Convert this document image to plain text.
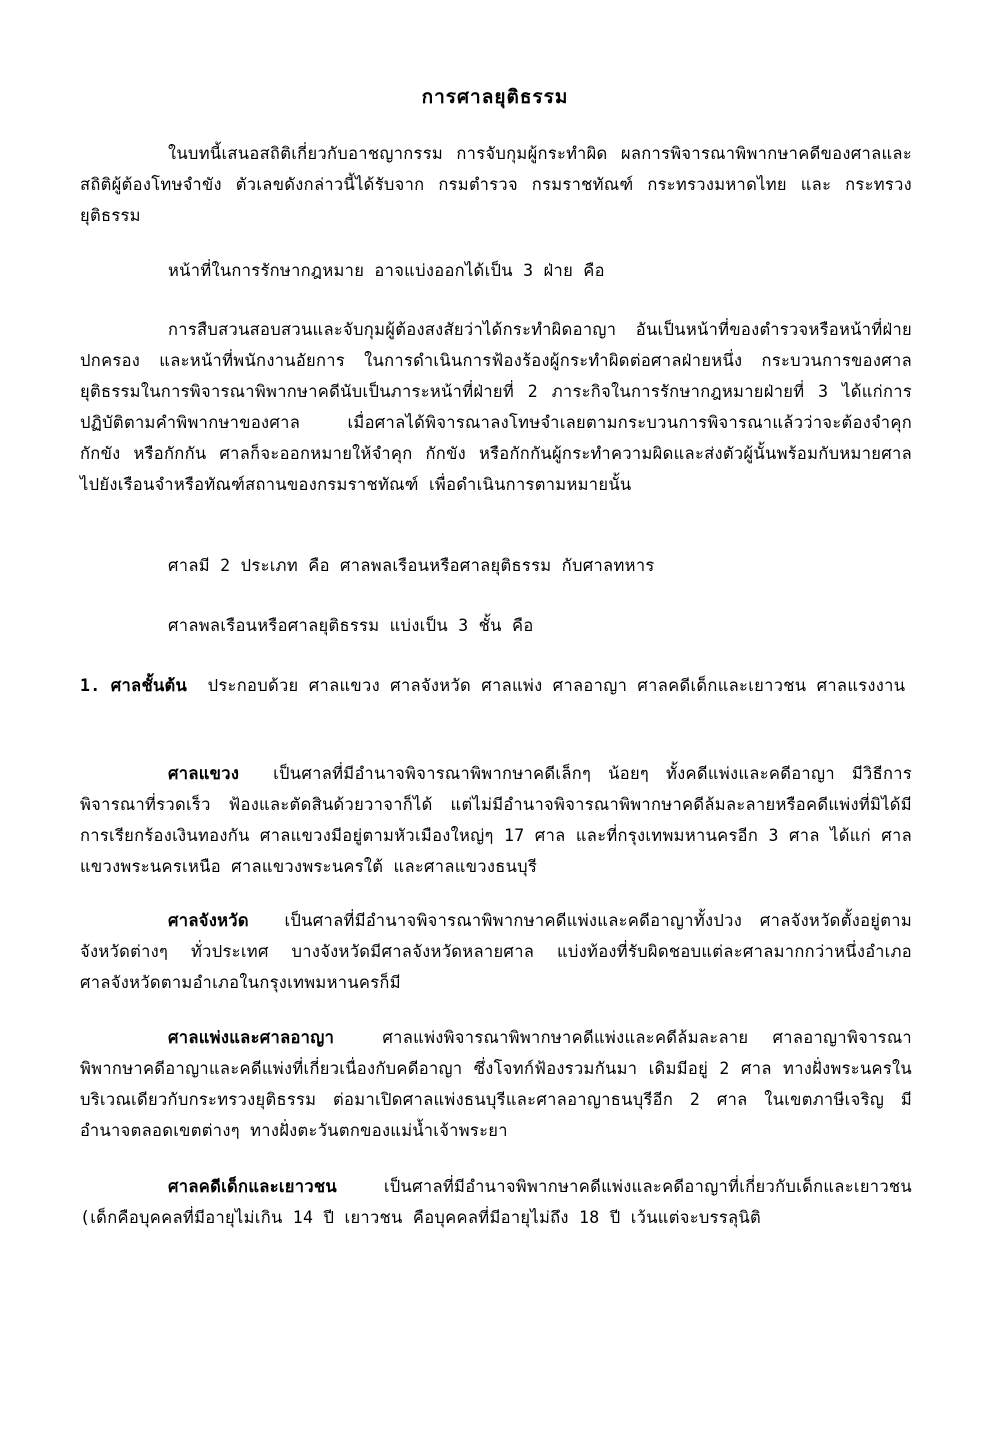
การศาลยุติธรรม
ในบทนี้เสนอสถิติเกี่ยวกับอาชญากรรม การจับกุมผู้กระทำผิด ผลการพิจารณาพิพากษาคดีของศาลและสถิติผู้ต้องโทษจำขัง ตัวเลขดังกล่าวนี้ได้รับจาก กรมตำรวจ กรมราชทัณฑ์ กระทรวงมหาดไทย และ กระทรวงยุติธรรม
หน้าที่ในการรักษากฎหมาย อาจแบ่งออกได้เป็น 3 ฝ่าย คือ
การสืบสวนสอบสวนและจับกุมผู้ต้องสงสัยว่าได้กระทำผิดอาญา อันเป็นหน้าที่ของตำรวจหรือหน้าที่ฝ่ายปกครอง และหน้าที่พนักงานอัยการ ในการดำเนินการฟ้องร้องผู้กระทำผิดต่อศาลฝ่ายหนึ่ง กระบวนการของศาลยุติธรรมในการพิจารณาพิพากษาคดีนับเป็นภาระหน้าที่ฝ่ายที่ 2 ภาระกิจในการรักษากฎหมายฝ่ายที่ 3 ได้แก่การปฏิบัติตามคำพิพากษาของศาล เมื่อศาลได้พิจารณาลงโทษจำเลยตามกระบวนการพิจารณาแล้วว่าจะต้องจำคุก กักขัง หรือกักกัน ศาลก็จะออกหมายให้จำคุก กักขัง หรือกักกันผู้กระทำความผิดและส่งตัวผู้นั้นพร้อมกับหมายศาลไปยังเรือนจำหรือทัณฑ์สถานของกรมราชทัณฑ์ เพื่อดำเนินการตามหมายนั้น
ศาลมี 2 ประเภท คือ ศาลพลเรือนหรือศาลยุติธรรม กับศาลทหาร
ศาลพลเรือนหรือศาลยุติธรรม แบ่งเป็น 3 ชั้น คือ
1. ศาลชั้นต้น ประกอบด้วย ศาลแขวง ศาลจังหวัด ศาลแพ่ง ศาลอาญา ศาลคดีเด็กและเยาวชน ศาลแรงงาน
ศาลแขวง เป็นศาลที่มีอำนาจพิจารณาพิพากษาคดีเล็กๆ น้อยๆ ทั้งคดีแพ่งและคดีอาญา มีวิธีการพิจารณาที่รวดเร็ว ฟ้องและตัดสินด้วยวาจาก็ได้ แต่ไม่มีอำนาจพิจารณาพิพากษาคดีล้มละลายหรือคดีแพ่งที่มิได้มีการเรียกร้องเงินทองกัน ศาลแขวงมีอยู่ตามหัวเมืองใหญ่ๆ 17 ศาล และที่กรุงเทพมหานครอีก 3 ศาล ได้แก่ ศาลแขวงพระนครเหนือ ศาลแขวงพระนครใต้ และศาลแขวงธนบุรี
ศาลจังหวัด เป็นศาลที่มีอำนาจพิจารณาพิพากษาคดีแพ่งและคดีอาญาทั้งปวง ศาลจังหวัดตั้งอยู่ตามจังหวัดต่างๆ ทั่วประเทศ บางจังหวัดมีศาลจังหวัดหลายศาล แบ่งท้องที่รับผิดชอบแต่ละศาลมากกว่าหนึ่งอำเภอ ศาลจังหวัดตามอำเภอในกรุงเทพมหานครก็มี
ศาลแพ่งและศาลอาญา	ศาลแพ่งพิจารณาพิพากษาคดีแพ่งและคดีล้มละลาย ศาลอาญาพิจารณาพิพากษาคดีอาญาและคดีแพ่งที่เกี่ยวเนื่องกับคดีอาญา ซึ่งโจทก์ฟ้องรวมกันมา เดิมมีอยู่ 2 ศาล ทางฝั่งพระนครในบริเวณเดียวกับกระทรวงยุติธรรม ต่อมาเปิดศาลแพ่งธนบุรีและศาลอาญาธนบุรีอีก 2 ศาล ในเขตภาษีเจริญ มีอำนาจตลอดเขตต่างๆ ทางฝั่งตะวันตกของแม่น้ำเจ้าพระยา
ศาลคดีเด็กและเยาวชน	เป็นศาลที่มีอำนาจพิพากษาคดีแพ่งและคดีอาญาที่เกี่ยวกับเด็กและเยาวชน (เด็กคือบุคคลที่มีอายุไม่เกิน 14 ปี เยาวชน คือบุคคลที่มีอายุไม่ถึง 18 ปี เว้นแต่จะบรรลุนิติ
